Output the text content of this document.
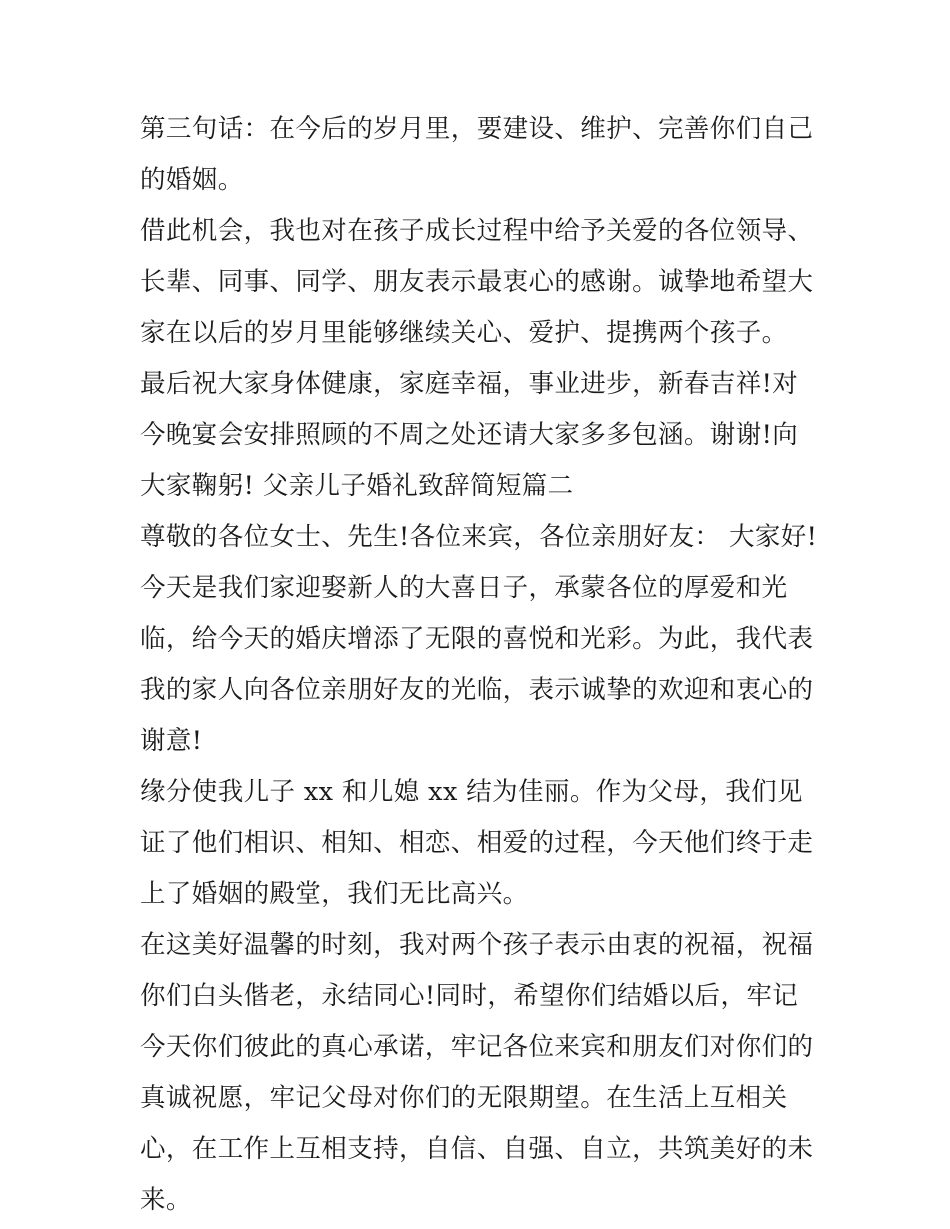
第三句话：在今后的岁月里，要建设、维护、完善你们自己的婚姻。

借此机会，我也对在孩子成长过程中给予关爱的各位领导、长辈、同事、同学、朋友表示最衷心的感谢。诚挚地希望大家在以后的岁月里能够继续关心、爱护、提携两个孩子。

最后祝大家身体健康，家庭幸福，事业进步，新春吉祥!对今晚宴会安排照顾的不周之处还请大家多多包涵。谢谢!向大家鞠躬! 父亲儿子婚礼致辞简短篇二

尊敬的各位女士、先生!各位来宾，各位亲朋好友： 大家好!

今天是我们家迎娶新人的大喜日子，承蒙各位的厚爱和光临，给今天的婚庆增添了无限的喜悦和光彩。为此，我代表我的家人向各位亲朋好友的光临，表示诚挚的欢迎和衷心的谢意!

缘分使我儿子 xx 和儿媳 xx 结为佳丽。作为父母，我们见证了他们相识、相知、相恋、相爱的过程，今天他们终于走上了婚姻的殿堂，我们无比高兴。

在这美好温馨的时刻，我对两个孩子表示由衷的祝福，祝福你们白头偕老，永结同心!同时，希望你们结婚以后，牢记今天你们彼此的真心承诺，牢记各位来宾和朋友们对你们的真诚祝愿，牢记父母对你们的无限期望。在生活上互相关心，在工作上互相支持，自信、自强、自立，共筑美好的未来。
